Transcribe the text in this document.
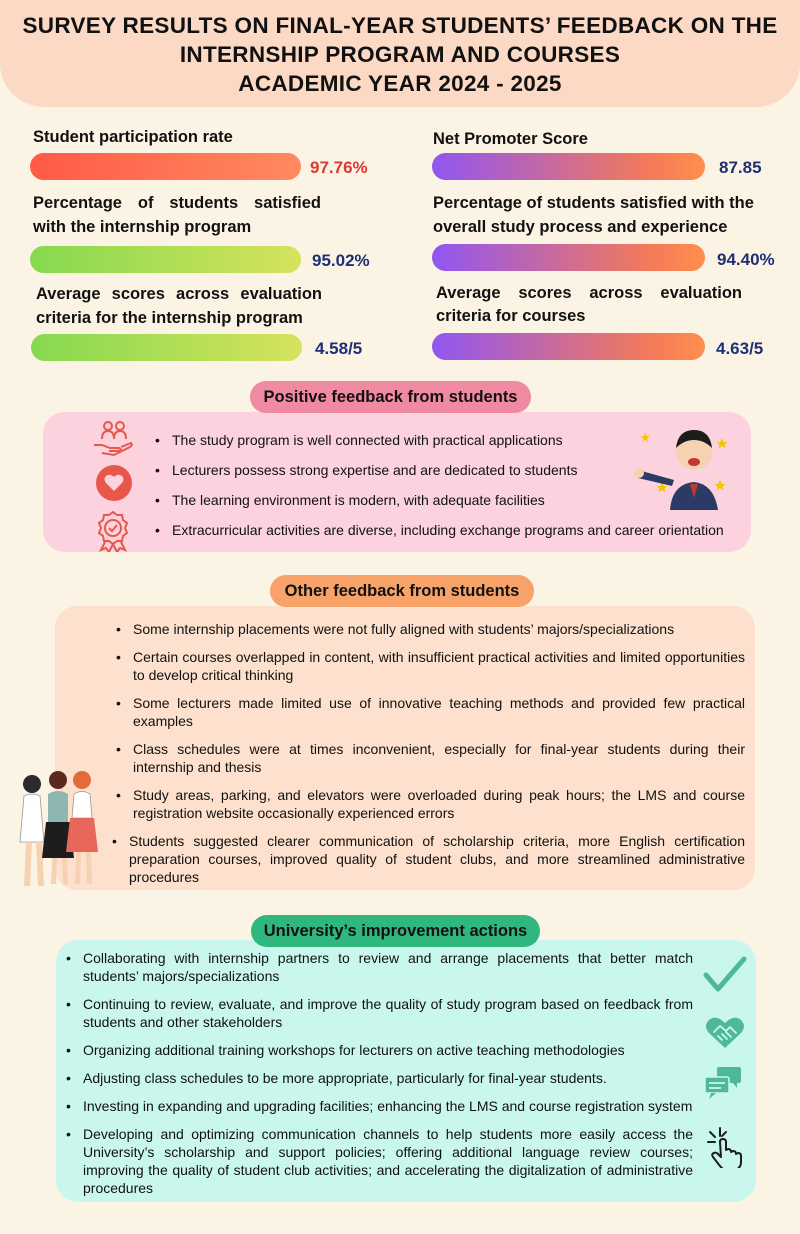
SURVEY RESULTS ON FINAL-YEAR STUDENTS’ FEEDBACK ON THE
INTERNSHIP PROGRAM AND COURSES
ACADEMIC YEAR 2024 - 2025
Student participation rate
97.76%
Percentage of students satisfied
with the internship program
95.02%
Average scores across evaluation
criteria for the internship program
4.58/5
Net Promoter Score
87.85
Percentage of students satisfied with the
overall study process and experience
94.40%
Average scores across evaluation
criteria for courses
4.63/5
Positive feedback from students
• The study program is well connected with practical applications
• Lecturers possess strong expertise and are dedicated to students
• The learning environment is modern, with adequate facilities
• Extracurricular activities are diverse, including exchange programs and career orientation
Other feedback from students
• Some internship placements were not fully aligned with students’ majors/specializations
• Certain courses overlapped in content, with insufficient practical activities and limited opportunities to develop critical thinking
• Some lecturers made limited use of innovative teaching methods and provided few practical examples
• Class schedules were at times inconvenient, especially for final-year students during their internship and thesis
• Study areas, parking, and elevators were overloaded during peak hours; the LMS and course registration website occasionally experienced errors
• Students suggested clearer communication of scholarship criteria, more English certification preparation courses, improved quality of student clubs, and more streamlined administrative procedures
University’s improvement actions
• Collaborating with internship partners to review and arrange placements that better match students’ majors/specializations
• Continuing to review, evaluate, and improve the quality of study program based on feedback from students and other stakeholders
• Organizing additional training workshops for lecturers on active teaching methodologies
• Adjusting class schedules to be more appropriate, particularly for final-year students.
• Investing in expanding and upgrading facilities; enhancing the LMS and course registration system
• Developing and optimizing communication channels to help students more easily access the University’s scholarship and support policies; offering additional language review courses; improving the quality of student club activities; and accelerating the digitalization of administrative procedures
